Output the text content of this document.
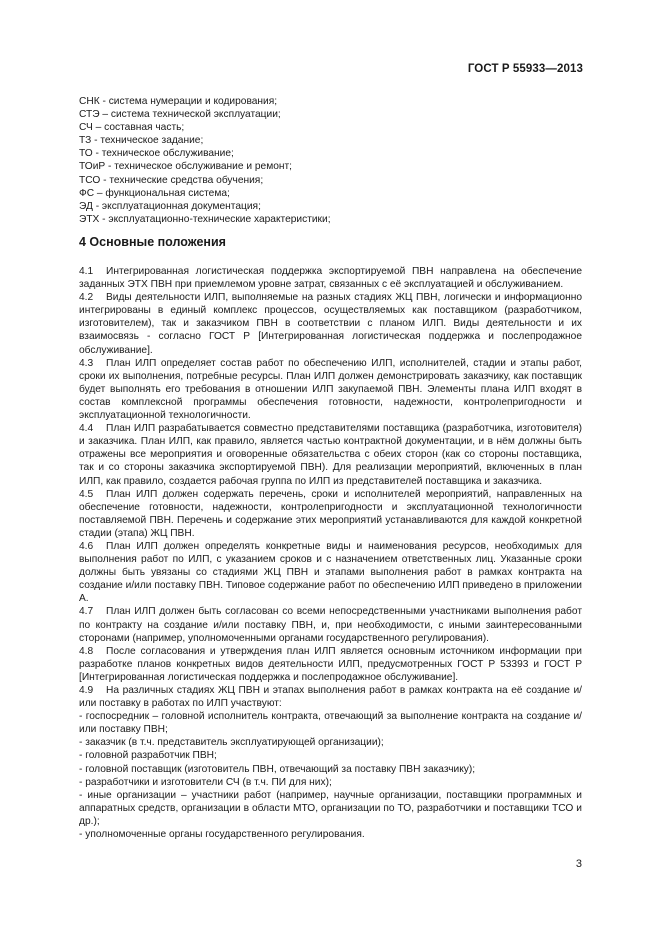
ГОСТ Р 55933—2013
СНК - система нумерации и кодирования;
СТЭ – система технической эксплуатации;
СЧ – составная часть;
ТЗ - техническое задание;
ТО - техническое обслуживание;
ТОиР - техническое обслуживание и ремонт;
ТСО - технические средства обучения;
ФС – функциональная система;
ЭД - эксплуатационная документация;
ЭТХ - эксплуатационно-технические характеристики;
4 Основные положения

4.1 Интегрированная логистическая поддержка экспортируемой ПВН направлена на обеспечение заданных ЭТХ ПВН при приемлемом уровне затрат, связанных с её эксплуатацией и обслуживанием.

4.2 Виды деятельности ИЛП, выполняемые на разных стадиях ЖЦ ПВН, логически и информационно интегрированы в единый комплекс процессов, осуществляемых как поставщиком (разработчиком, изготовителем), так и заказчиком ПВН в соответствии с планом ИЛП. Виды деятельности и их взаимосвязь - согласно ГОСТ Р [Интегрированная логистическая поддержка и послепродажное обслуживание].

4.3 План ИЛП определяет состав работ по обеспечению ИЛП, исполнителей, стадии и этапы работ, сроки их выполнения, потребные ресурсы. План ИЛП должен демонстрировать заказчику, как поставщик будет выполнять его требования в отношении ИЛП закупаемой ПВН. Элементы плана ИЛП входят в состав комплексной программы обеспечения готовности, надежности, контролепригодности и эксплуатационной технологичности.

4.4 План ИЛП разрабатывается совместно представителями поставщика (разработчика, изготовителя) и заказчика. План ИЛП, как правило, является частью контрактной документации, и в нём должны быть отражены все мероприятия и оговоренные обязательства с обеих сторон (как со стороны поставщика, так и со стороны заказчика экспортируемой ПВН). Для реализации мероприятий, включенных в план ИЛП, как правило, создается рабочая группа по ИЛП из представителей поставщика и заказчика.

4.5 План ИЛП должен содержать перечень, сроки и исполнителей мероприятий, направленных на обеспечение готовности, надежности, контролепригодности и эксплуатационной технологичности поставляемой ПВН. Перечень и содержание этих мероприятий устанавливаются для каждой конкретной стадии (этапа) ЖЦ ПВН.

4.6 План ИЛП должен определять конкретные виды и наименования ресурсов, необходимых для выполнения работ по ИЛП, с указанием сроков и с назначением ответственных лиц. Указанные сроки должны быть увязаны со стадиями ЖЦ ПВН и этапами выполнения работ в рамках контракта на создание и/или поставку ПВН. Типовое содержание работ по обеспечению ИЛП приведено в приложении А.

4.7 План ИЛП должен быть согласован со всеми непосредственными участниками выполнения работ по контракту на создание и/или поставку ПВН, и, при необходимости, с иными заинтересованными сторонами (например, уполномоченными органами государственного регулирования).

4.8 После согласования и утверждения план ИЛП является основным источником информации при разработке планов конкретных видов деятельности ИЛП, предусмотренных ГОСТ Р 53393 и ГОСТ Р [Интегрированная логистическая поддержка и послепродажное обслуживание].

4.9 На различных стадиях ЖЦ ПВН и этапах выполнения работ в рамках контракта на её создание и/или поставку в работах по ИЛП участвуют:

- госпосредник – головной исполнитель контракта, отвечающий за выполнение контракта на создание и/или поставку ПВН;

- заказчик (в т.ч. представитель эксплуатирующей организации);

- головной разработчик ПВН;

- головной поставщик (изготовитель ПВН, отвечающий за поставку ПВН заказчику);

- разработчики и изготовители СЧ (в т.ч. ПИ для них);

- иные организации – участники работ (например, научные организации, поставщики программных и аппаратных средств, организации в области МТО, организации по ТО, разработчики и поставщики ТСО и др.);

- уполномоченные органы государственного регулирования.

3
